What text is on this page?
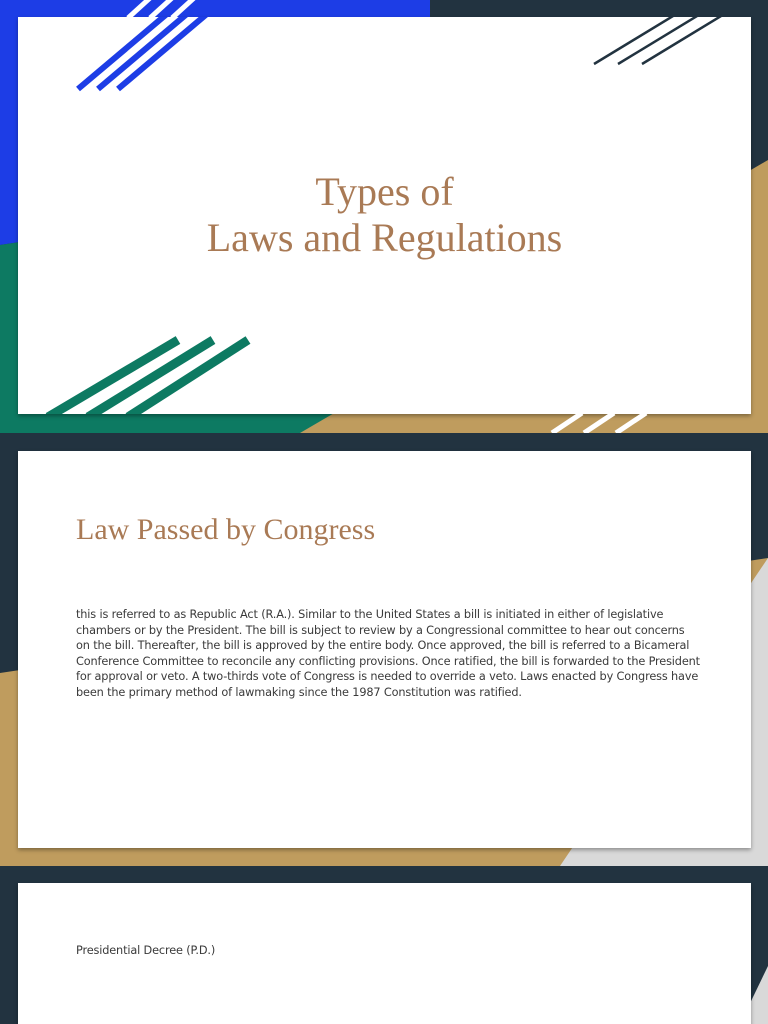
Types of
Laws and Regulations
Law Passed by Congress
this is referred to as Republic Act (R.A.). Similar to the United States a bill is initiated in either of legislative chambers or by the President. The bill is subject to review by a Congressional committee to hear out concerns on the bill. Thereafter, the bill is approved by the entire body. Once approved, the bill is referred to a Bicameral Conference Committee to reconcile any conflicting provisions. Once ratified, the bill is forwarded to the President for approval or veto. A two-thirds vote of Congress is needed to override a veto. Laws enacted by Congress have been the primary method of lawmaking since the 1987 Constitution was ratified.
Presidential Decree (P.D.)
